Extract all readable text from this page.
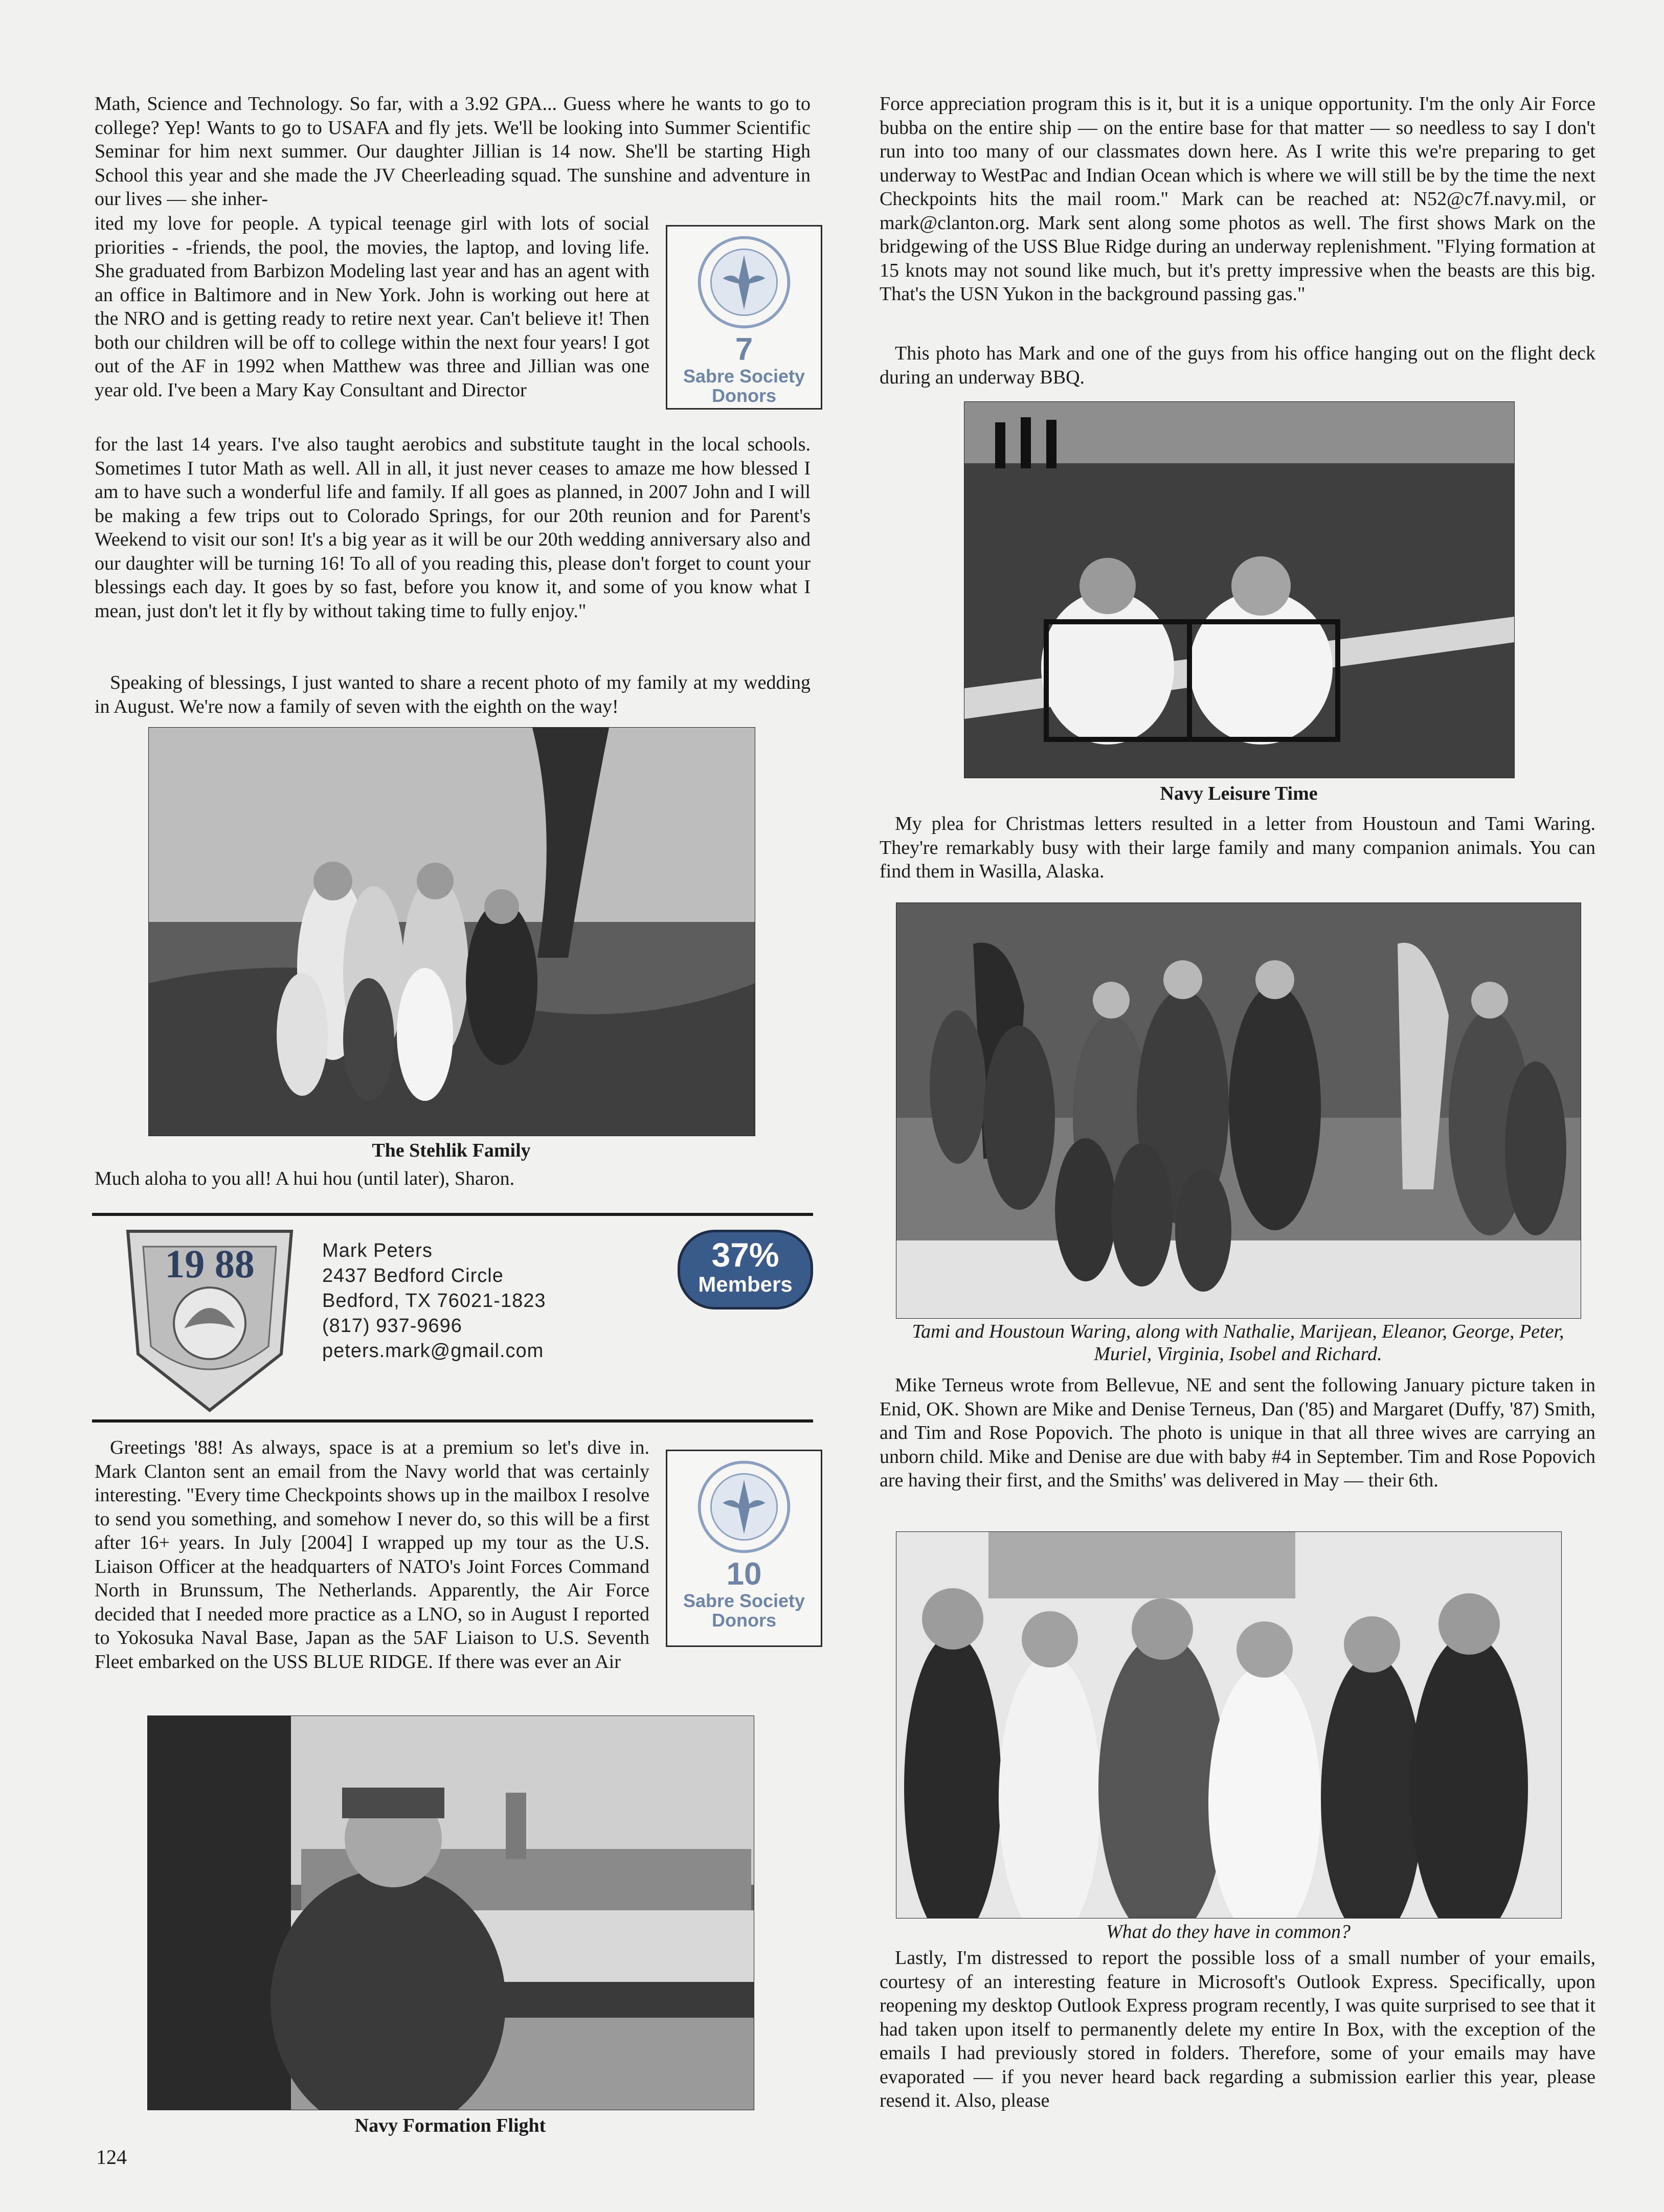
Math, Science and Technology. So far, with a 3.92 GPA... Guess where he wants to go to college? Yep! Wants to go to USAFA and fly jets. We'll be looking into Summer Scientific Seminar for him next summer. Our daughter Jillian is 14 now. She'll be starting High School this year and she made the JV Cheerleading squad. The sunshine and adventure in our lives — she inher-

ited my love for people. A typical teenage girl with lots of social priorities - -friends, the pool, the movies, the laptop, and loving life. She graduated from Barbizon Modeling last year and has an agent with an office in Baltimore and in New York. John is working out here at the NRO and is getting ready to retire next year. Can't believe it! Then both our children will be off to college within the next four years! I got out of the AF in 1992 when Matthew was three and Jillian was one year old. I've been a Mary Kay Consultant and Director

for the last 14 years. I've also taught aerobics and substitute taught in the local schools. Sometimes I tutor Math as well. All in all, it just never ceases to amaze me how blessed I am to have such a wonderful life and family. If all goes as planned, in 2007 John and I will be making a few trips out to Colorado Springs, for our 20th reunion and for Parent's Weekend to visit our son! It's a big year as it will be our 20th wedding anniversary also and our daughter will be turning 16! To all of you reading this, please don't forget to count your blessings each day. It goes by so fast, before you know it, and some of you know what I mean, just don't let it fly by without taking time to fully enjoy."

Speaking of blessings, I just wanted to share a recent photo of my family at my wedding in August. We're now a family of seven with the eighth on the way!

7
Sabre Society
Donors
The Stehlik Family

Much aloha to you all! A hui hou (until later), Sharon.

19 88	Mark Peters
2437 Bedford Circle
Bedford, TX 76021-1823
(817) 937-9696
peters.mark@gmail.com
37%
Members

Greetings '88! As always, space is at a premium so let's dive in. Mark Clanton sent an email from the Navy world that was certainly interesting. "Every time Checkpoints shows up in the mailbox I resolve to send you something, and somehow I never do, so this will be a first after 16+ years. In July [2004] I wrapped up my tour as the U.S. Liaison Officer at the headquarters of NATO's Joint Forces Command North in Brunssum, The Netherlands. Apparently, the Air Force decided that I needed more practice as a LNO, so in August I reported to Yokosuka Naval Base, Japan as the 5AF Liaison to U.S. Seventh Fleet embarked on the USS BLUE RIDGE. If there was ever an Air

10
Sabre Society
Donors
Navy Formation Flight
124

Force appreciation program this is it, but it is a unique opportunity. I'm the only Air Force bubba on the entire ship — on the entire base for that matter — so needless to say I don't run into too many of our classmates down here. As I write this we're preparing to get underway to WestPac and Indian Ocean which is where we will still be by the time the next Checkpoints hits the mail room." Mark can be reached at: N52@c7f.navy.mil, or mark@clanton.org. Mark sent along some photos as well. The first shows Mark on the bridgewing of the USS Blue Ridge during an underway replenishment. "Flying formation at 15 knots may not sound like much, but it's pretty impressive when the beasts are this big. That's the USN Yukon in the background passing gas."

This photo has Mark and one of the guys from his office hanging out on the flight deck during an underway BBQ.

Navy Leisure Time

My plea for Christmas letters resulted in a letter from Houstoun and Tami Waring. They're remarkably busy with their large family and many companion animals. You can find them in Wasilla, Alaska.

Tami and Houstoun Waring, along with Nathalie, Marijean, Eleanor, George, Peter, Muriel, Virginia, Isobel and Richard.

Mike Terneus wrote from Bellevue, NE and sent the following January picture taken in Enid, OK. Shown are Mike and Denise Terneus, Dan ('85) and Margaret (Duffy, '87) Smith, and Tim and Rose Popovich. The photo is unique in that all three wives are carrying an unborn child. Mike and Denise are due with baby #4 in September. Tim and Rose Popovich are having their first, and the Smiths' was delivered in May — their 6th.

What do they have in common?

Lastly, I'm distressed to report the possible loss of a small number of your emails, courtesy of an interesting feature in Microsoft's Outlook Express. Specifically, upon reopening my desktop Outlook Express program recently, I was quite surprised to see that it had taken upon itself to permanently delete my entire In Box, with the exception of the emails I had previously stored in folders. Therefore, some of your emails may have evaporated — if you never heard back regarding a submission earlier this year, please resend it. Also, please
